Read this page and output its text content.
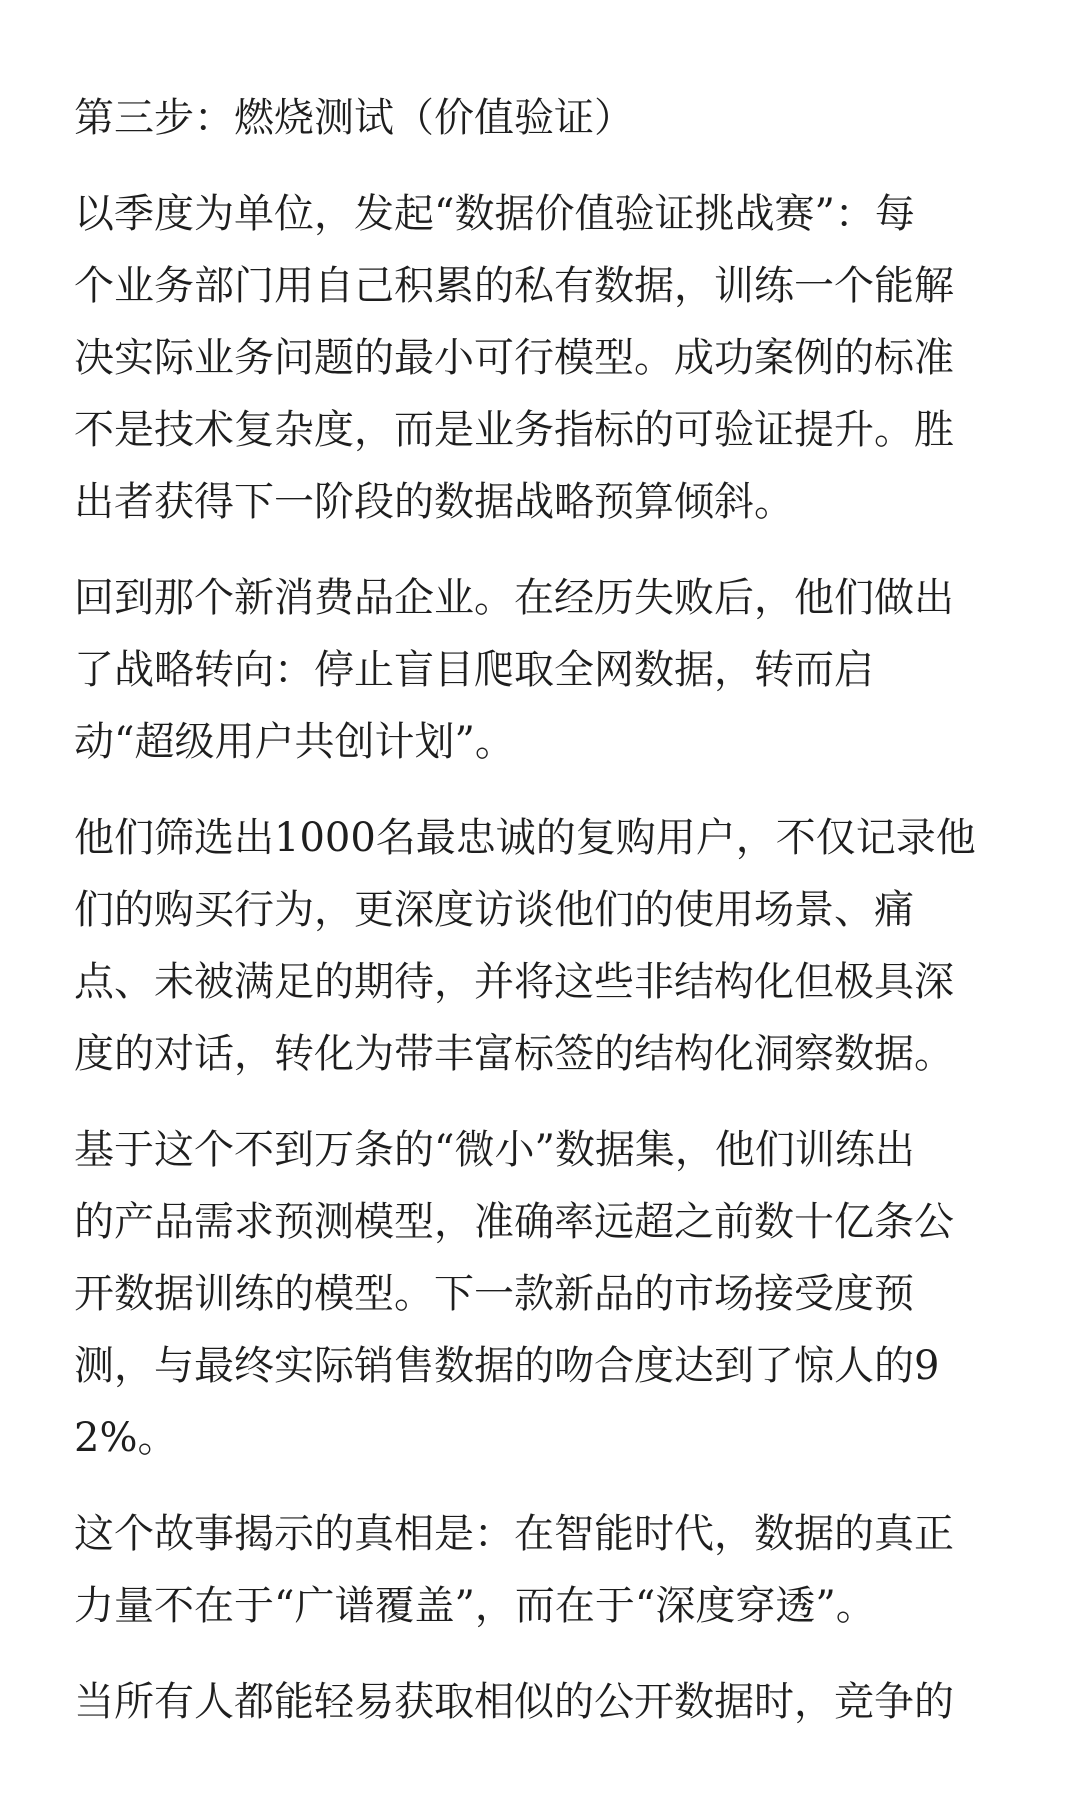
第三步：燃烧测试（价值验证）
以季度为单位，发起“数据价值验证挑战赛”：每
个业务部门用自己积累的私有数据，训练一个能解
决实际业务问题的最小可行模型。成功案例的标准
不是技术复杂度，而是业务指标的可验证提升。胜
出者获得下一阶段的数据战略预算倾斜。
回到那个新消费品企业。在经历失败后，他们做出
了战略转向：停止盲目爬取全网数据，转而启
动“超级用户共创计划”。
他们筛选出1000名最忠诚的复购用户，不仅记录他
们的购买行为，更深度访谈他们的使用场景、痛
点、未被满足的期待，并将这些非结构化但极具深
度的对话，转化为带丰富标签的结构化洞察数据。
基于这个不到万条的“微小”数据集，他们训练出
的产品需求预测模型，准确率远超之前数十亿条公
开数据训练的模型。下一款新品的市场接受度预
测，与最终实际销售数据的吻合度达到了惊人的9
2%。
这个故事揭示的真相是：在智能时代，数据的真正
力量不在于“广谱覆盖”，而在于“深度穿透”。
当所有人都能轻易获取相似的公开数据时，竞争的
